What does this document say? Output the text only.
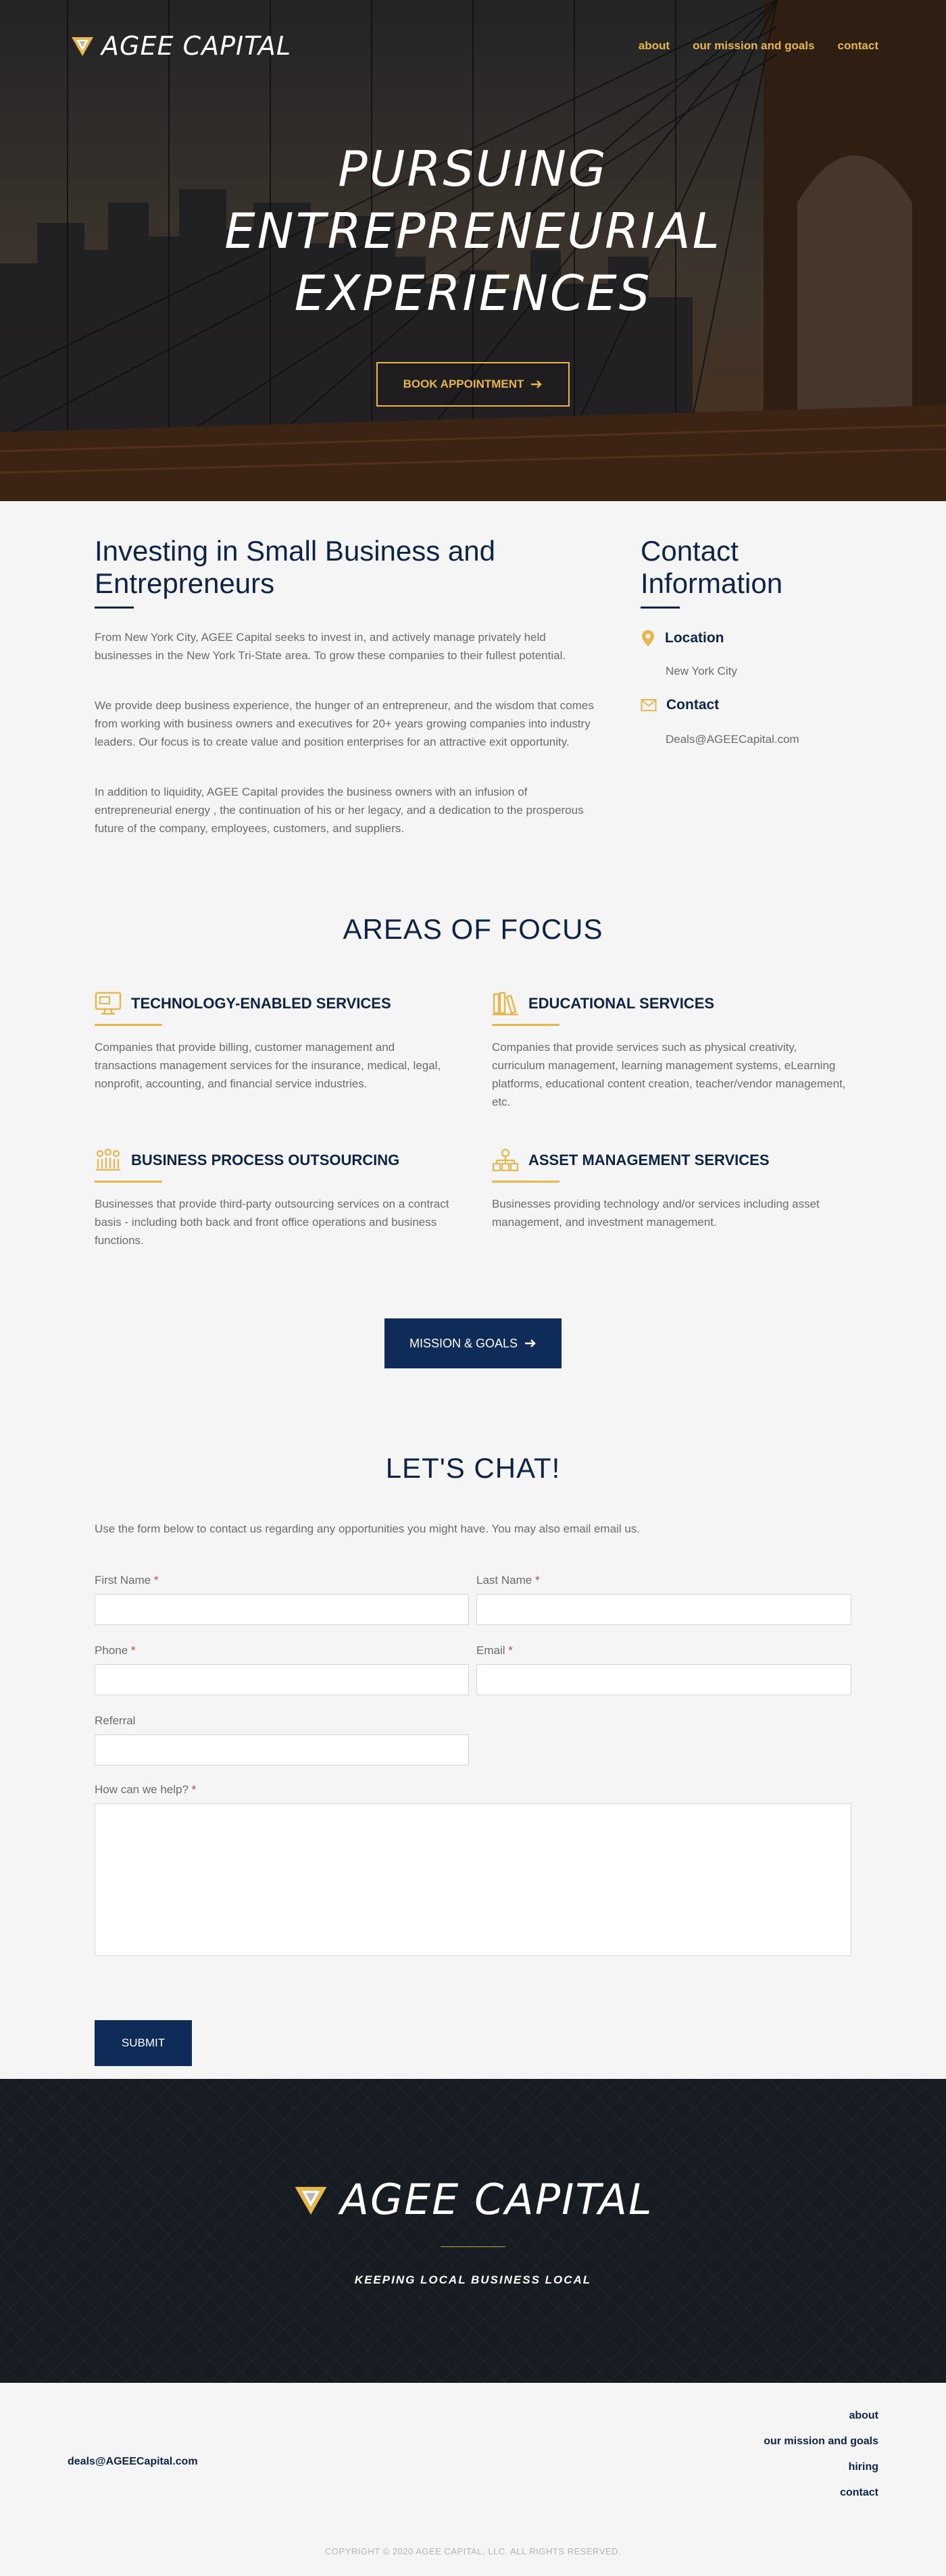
AGEE CAPITAL	about our mission and goals contact
PURSUING
ENTREPRENEURIAL
EXPERIENCES
BOOK APPOINTMENT
Investing in Small Business and Entrepreneurs

From New York City, AGEE Capital seeks to invest in, and actively manage privately held businesses in the New York Tri-State area. To grow these companies to their fullest potential.

We provide deep business experience, the hunger of an entrepreneur, and the wisdom that comes from working with business owners and executives for 20+ years growing companies into industry leaders. Our focus is to create value and position enterprises for an attractive exit opportunity.

In addition to liquidity, AGEE Capital provides the business owners with an infusion of entrepreneurial energy , the continuation of his or her legacy, and a dedication to the prosperous future of the company, employees, customers, and suppliers.

Contact Information
Location
New York City
Contact
Deals@AGEECapital.com
AREAS OF FOCUS
TECHNOLOGY-ENABLED SERVICES

Companies that provide billing, customer management and transactions management services for the insurance, medical, legal, nonprofit, accounting, and financial service industries.

EDUCATIONAL SERVICES

Companies that provide services such as physical creativity, curriculum management, learning management systems, eLearning platforms, educational content creation, teacher/vendor management, etc.

BUSINESS PROCESS OUTSOURCING

Businesses that provide third-party outsourcing services on a contract basis - including both back and front office operations and business functions.

ASSET MANAGEMENT SERVICES

Businesses providing technology and/or services including asset management, and investment management.

MISSION & GOALS
LET'S CHAT!

Use the form below to contact us regarding any opportunities you might have. You may also email email us.

First Name *	Last Name *
Phone *	Email *
Referral
How can we help? *
SUBMIT
AGEE CAPITAL
KEEPING LOCAL BUSINESS LOCAL
deals@AGEECapital.com
about
our mission and goals
hiring
contact
COPYRIGHT © 2020 AGEE CAPITAL, LLC. ALL RIGHTS RESERVED.
